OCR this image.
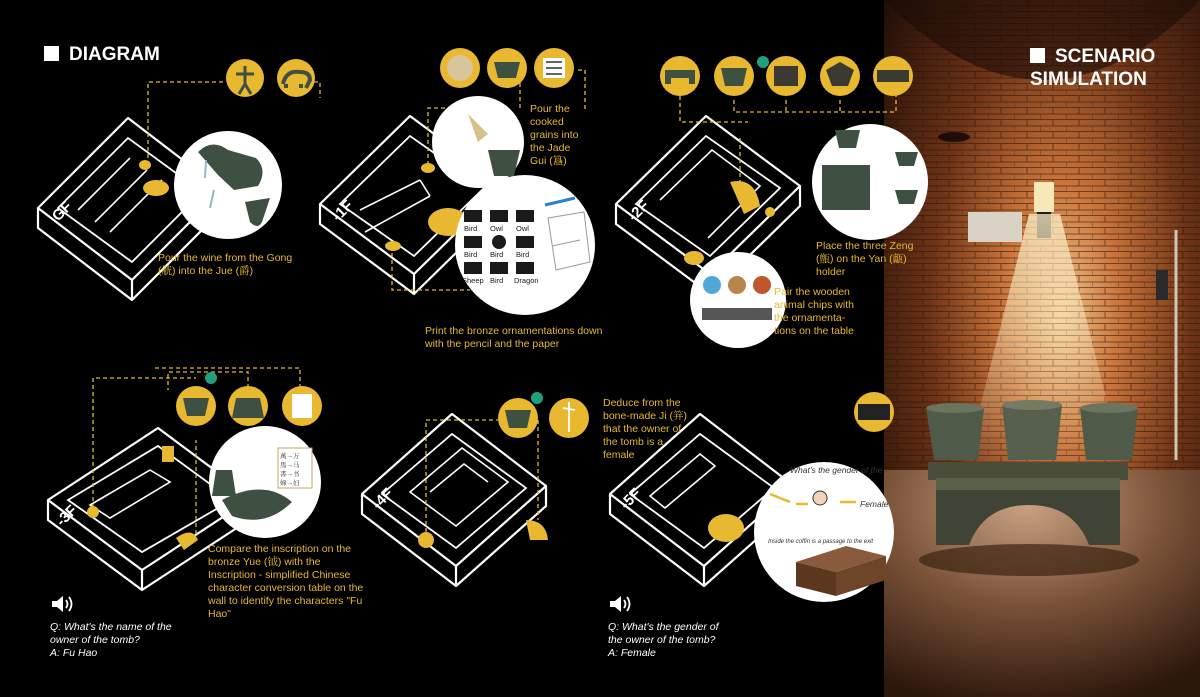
GF	-1F
Bird Owl Owl
Bird Bird Bird
Sheep Bird Dragon
-2F
-3F
萬→万
馬→马
書→书
婦→妇
-4F	-5F
What's the gender of the
Female
Inside the coffin is a passage to the exit
DIAGRAM	SCENARIO SIMULATION

Pour the wine from the Gong (觥) into the Jue (爵)

Pour the cooked grains into the Jade Gui (簋)

Print the bronze ornamentations down with the pencil and the paper

Place the three Zeng (甑) on the Yan (甗) holder

Pair the wooden animal chips with the ornamenta-tions on the table

Compare the inscription on the bronze Yue (钺) with the Inscription - simplified Chinese character conversion table on the wall to identify the characters "Fu Hao"

Deduce from the bone-made Ji (笄) that the owner of the tomb is a female

Q: What's the name of the owner of the tomb?
A: Fu Hao
Q: What's the gender of the owner of the tomb?
A: Female
